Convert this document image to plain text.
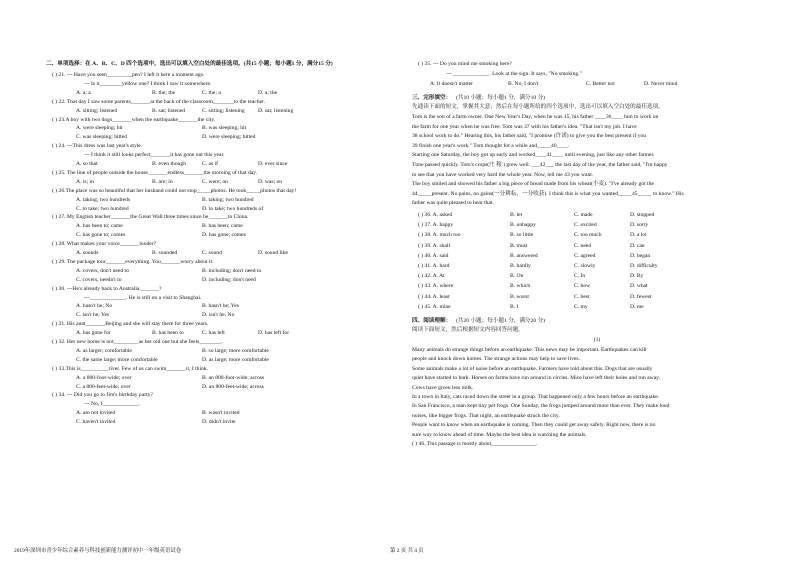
二、单项选择：在 A、B、C、D 四个选项中，选出可以填入空白处的最佳选项。(共15 小题；每小题1 分，满分15 分)
( ) 21. --- Have you seen_________pen? I left it here a moment ago.
--- Is it________yellow one? I think I saw it somewhere.
A. a; a	B. the; the	C. the; a	D. a; the
( ) 22. That day I saw some parents_______at the back of the classroom,_______to the teacher.
A. sitting; listened	B. sat; listened	C. sitting; listening D. sat; listening
( ) 23.A boy with two dogs_______when the earthquake_______the city.
A. were sleeping; hit	B. was sleeping; hit
C. was sleeping; hitted	D. were sleeping; hitted
( ) 24. ---This dress was last year's style.
--- I think it still looks perfect_______it has gone out this year.
A. so that	B. even though	C. as if	D. ever since
( ) 25. The line of people outside the house_______endless_______the morning of that day.
A. is; in	B. are; in	C. were; on	D. was; on
( ) 26.The place was so beautiful that her husband could not stop_____photos. He took_____photos that day!
A. taking; two hundreds	B. taking; two hundred
C. to take; two hundred	D. to take; two hundreds of
( ) 27. My English teacher_______the Great Wall three times since he_______to China.
A. has been to; came	B. has been; came
C. has gone to; comes	D. has gone; comes
( ) 28. What makes your voice_______louder?
A. sounds	B. sounded	C. sound	D. sound like
( ) 29. The package tour_______everything. You_______worry about it.
A. covers, don't need to	B. including; don't need to
C. covers, needn't to	D. including; don't need
( ) 30. ---He's already back to Australia_______?
---_____________. He is still on a visit to Shanghai.
A. hasn't he; No	B. hasn't he; Yes
C. isn't he; Yes	D. isn't he; No
( ) 31. His aunt_______Beijing and she will stay there for three years.
A. has gone for	B. has been to	C. has left	D. has left for
( ) 32. Her new home is not_________as her old one but she feels________.
A. as larger; comfortable	B. so large; more comfortable
C. the same large; more comfortable	D. as large; more comfortable
( ) 33.This is__________river. Few of us can swim_______it, I think.
A. a 800-foot-wide; over	B. an 800-foot-wide; across
C. a 800-feet-wide; over	D. an 800-feet-wide; across
( ) 34. --- Did you go to Jim's birthday party?
--- No, I_____________.
A. am not invited	B. wasn't invited
C. haven't invited	D. didn't invite
( ) 35. --- Do you mind me smoking here?
--- _____________. Look at the sign. It says, "No smoking."
A. It doesn't matter	B. No, I don't	C. Better not	D. Never mind
三、完形填空： (共10 小题；每小题1 分，满分10 分)
先通读下面的短文，掌握其大意；然后在每小题所给的四个选项中，选出可以填入空白处的最佳选项。
Tom is the son of a farm owner. One New Year's Day, when he was 15, his father ____36____ him to work on
the farm for one year when he was free. Tom was 37 with his father's idea. "That isn't my job. I have
38 school work to do." Hearing this, his father said, "I promise (许诺) to give you the best present if you
39 finish one year's work." Tom thought for a while and_____40____.
Starting one Saturday, the boy got up early and worked____41____ until evening, just like any other farmer.
Time passed quickly. Tom's crops(庄 稼 ) grew well. ___42___ the last day of the year, the father said, "I'm happy
to see that you have worked very hard the whole year. Now, tell me 43 you want.
The boy smiled and showed his father a big piece of bread made from his wheat(小麦). "I've already got the
44_____present. No pains, no gains(一分耕耘，一分收获). I think this is what you wanted_____45_____ to know." His
father was quite pleased to hear that.
( ) 36. A. asked	B. let	C. made	D. stopped
( ) 37. A. happy	B. unhappy	C. excited	D. sorry
( ) 38. A. much too	B. so little	C. too much	D. a lot
( ) 39. A. shall	B. must	C. need	D. can
( ) 40. A. said	B. answered	C. agreed	D. began
( ) 41. A. hard	B. hardly	C. slowly	D. difficulty
( ) 42. A. At	B. On	C. In	D. By
( ) 43. A. where	B. which	C. how	D. what
( ) 44. A. least	B. worst	C. best	D. fewest
( ) 45. A. mine	B. I	C. my	D. me
四、阅读理解： (共20 小题；每小题1 分，满分20 分)
阅读下面短文，然后根据短文内容回答问题。
(1)
Many animals do strange things before an earthquake. This news may be important. Earthquakes can kill
people and knock down homes. The strange actions may help to save lives.
Some animals make a lot of noise before an earthquake. Farmers have told about this. Dogs that are usually
quiet have started to bark. Horses on farms have run around in circles. Mice have left their holes and run away.
Cows have given less milk.
In a town in Italy, cats raced down the street in a group. That happened only a few hours before an earthquake.
In San Francisco, a man kept tiny pet frogs. One Sunday, the frogs jumped around more than ever. They make loud
noises, like bigger frogs. That night, an earthquake struck the city.
People want to know when an earthquake is coming. Then they could get away safely. Right now, there is no
sure way to know ahead of time. Maybe the best idea is watching the animals.
( ) 46. This passage is mostly about________________.
2019年深圳市青少年综合素养与科技创新能力测评初中一年级英语试卷	第 2 页 共 4 页
